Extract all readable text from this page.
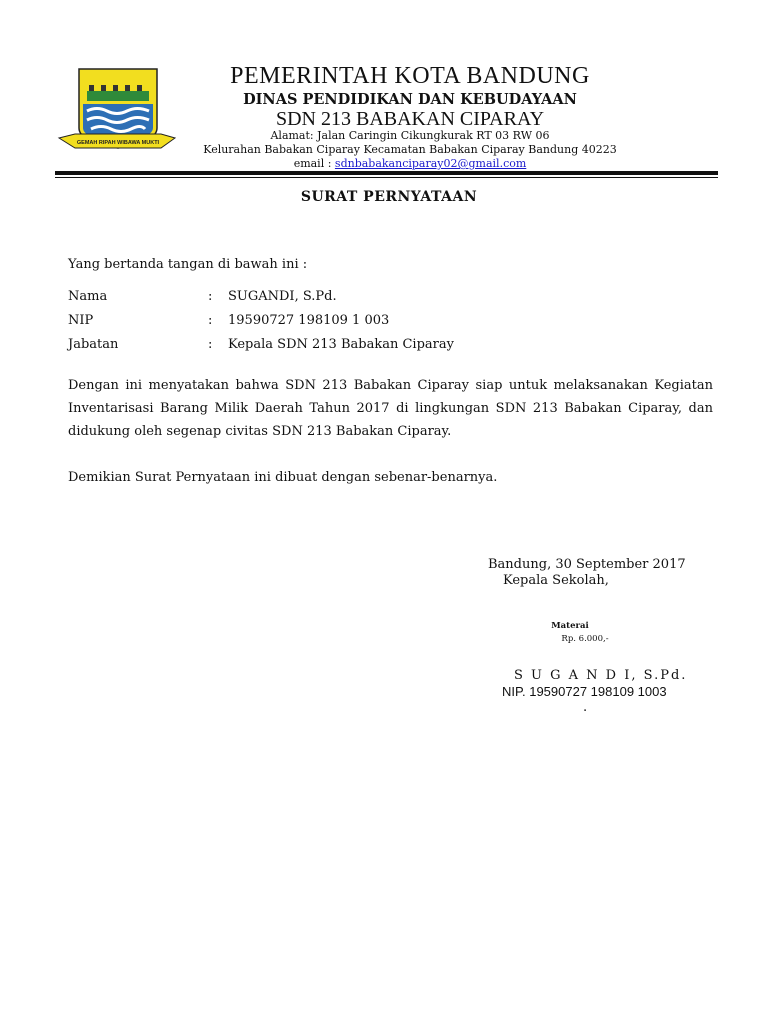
GEMAH RIPAH WIBAWA MUKTI
PEMERINTAH KOTA BANDUNG
DINAS PENDIDIKAN DAN KEBUDAYAAN
SDN 213 BABAKAN CIPARAY
Alamat: Jalan Caringin Cikungkurak RT 03 RW 06
Kelurahan Babakan Ciparay Kecamatan Babakan Ciparay Bandung 40223
email : sdnbabakanciparay02@gmail.com
SURAT PERNYATAAN
Yang bertanda tangan di bawah ini :
Nama	: SUGANDI, S.Pd.
NIP	: 19590727 198109 1 003
Jabatan	: Kepala SDN 213 Babakan Ciparay
Dengan ini menyatakan bahwa SDN 213 Babakan Ciparay siap untuk melaksanakan Kegiatan Inventarisasi Barang Milik Daerah Tahun 2017 di lingkungan SDN 213 Babakan Ciparay, dan didukung oleh segenap civitas SDN 213 Babakan Ciparay.
Demikian Surat Pernyataan ini dibuat dengan sebenar-benarnya.
Bandung, 30 September 2017
Kepala Sekolah,
Materai
Rp. 6.000,-
S U G A N D I, S.Pd.
NIP. 19590727 198109 1003
.
